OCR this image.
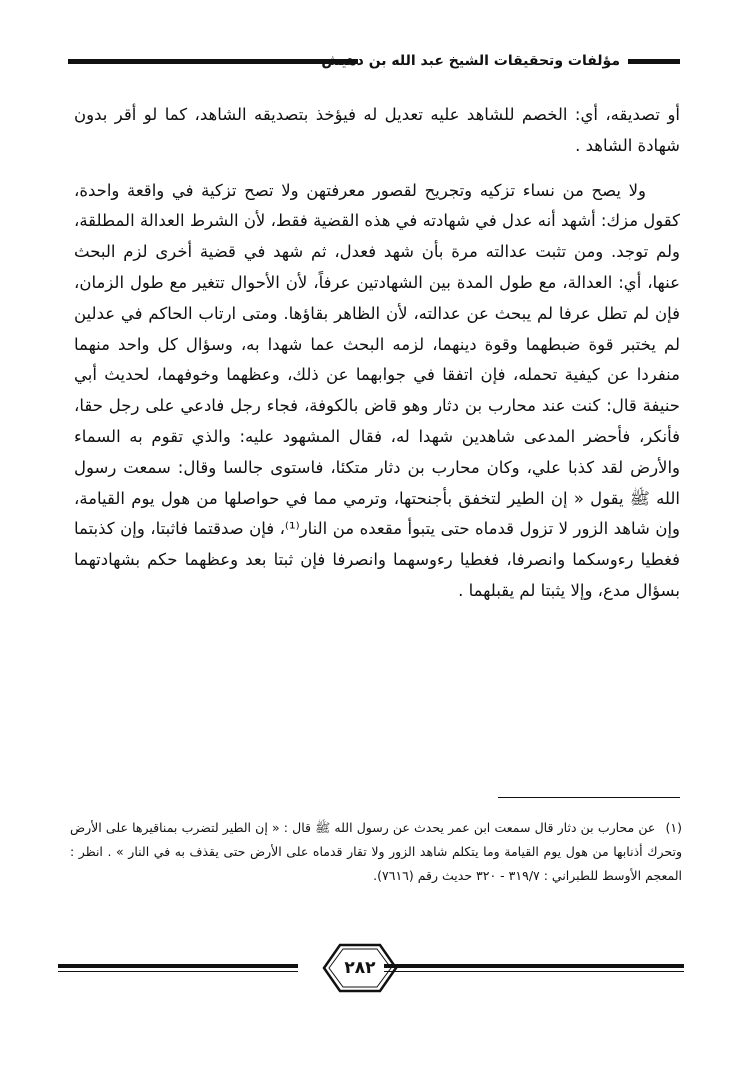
مؤلفات وتحقيقات الشيخ عبد الله بن دهيش

أو تصديقه، أي: الخصم للشاهد عليه تعديل له فيؤخذ بتصديقه الشاهد، كما لو أقر بدون شهادة الشاهد .

ولا يصح من نساء تزكيه وتجريح لقصور معرفتهن ولا تصح تزكية في واقعة واحدة، كقول مزك: أشهد أنه عدل في شهادته في هذه القضية فقط، لأن الشرط العدالة المطلقة، ولم توجد. ومن تثبت عدالته مرة بأن شهد فعدل، ثم شهد في قضية أخرى لزم البحث عنها، أي: العدالة، مع طول المدة بين الشهادتين عرفاً، لأن الأحوال تتغير مع طول الزمان، فإن لم تطل عرفا لم يبحث عن عدالته، لأن الظاهر بقاؤها. ومتى ارتاب الحاكم في عدلين لم يختبر قوة ضبطهما وقوة دينهما، لزمه البحث عما شهدا به، وسؤال كل واحد منهما منفردا عن كيفية تحمله، فإن اتفقا في جوابهما عن ذلك، وعظهما وخوفهما، لحديث أبي حنيفة قال: كنت عند محارب بن دثار وهو قاض بالكوفة، فجاء رجل فادعي على رجل حقا، فأنكر، فأحضر المدعى شاهدين شهدا له، فقال المشهود عليه: والذي تقوم به السماء والأرض لقد كذبا علي، وكان محارب بن دثار متكئا، فاستوى جالسا وقال: سمعت رسول الله ﷺ يقول « إن الطير لتخفق بأجنحتها، وترمي مما في حواصلها من هول يوم القيامة، وإن شاهد الزور لا تزول قدماه حتى يتبوأ مقعده من النار⁽¹⁾، فإن صدقتما فاثبتا، وإن كذبتما فغطيا رءوسكما وانصرفا، فغطيا رءوسهما وانصرفا فإن ثبتا بعد وعظهما حكم بشهادتهما بسؤال مدع، وإلا يثبتا لم يقبلهما .

(١) عن محارب بن دثار قال سمعت ابن عمر يحدث عن رسول الله ﷺ قال : « إن الطير لتضرب بمناقيرها على الأرض وتحرك أذنابها من هول يوم القيامة وما يتكلم شاهد الزور ولا تقار قدماه على الأرض حتى يقذف به في النار » . انظر : المعجم الأوسط للطبراني : ٣١٩/٧ - ٣٢٠ حديث رقم (٧٦١٦).
٢٨٢
